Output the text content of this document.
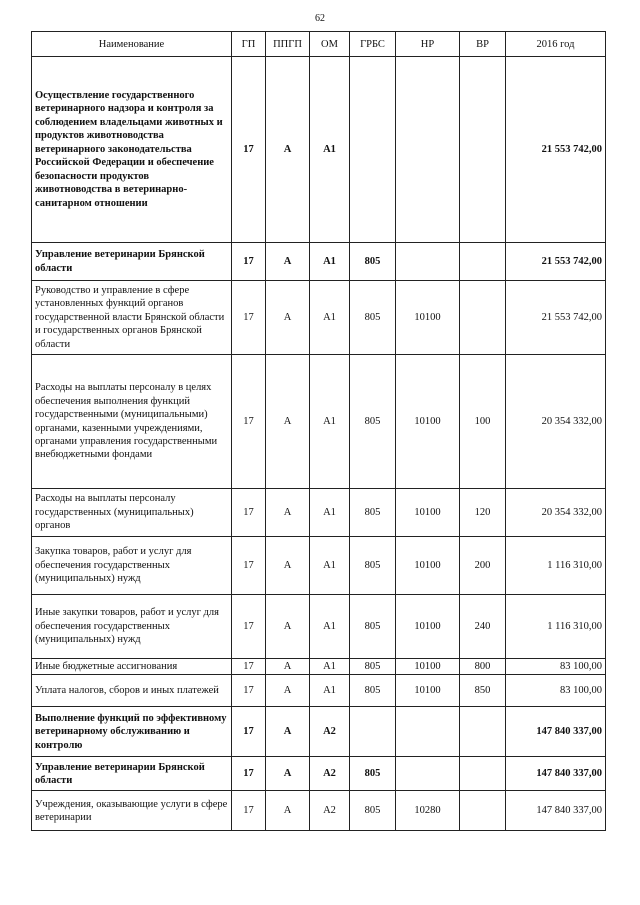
62
Наименование	ГП	ППГП	ОМ	ГРБС	НР	ВР	2016 год
Осуществление государственного ветеринарного надзора и контроля за соблюдением владельцами животных и продуктов животноводства ветеринарного законодательства Российской Федерации и обеспечение безопасности продуктов животноводства в ветеринарно-санитарном отношении	17	А	А1				21 553 742,00
Управление ветеринарии Брянской области	17	А	А1	805			21 553 742,00
Руководство и управление в сфере установленных функций органов государственной власти Брянской области и государственных органов Брянской области	17	А	А1	805	10100		21 553 742,00
Расходы на выплаты персоналу в целях обеспечения выполнения функций государственными (муниципальными) органами, казенными учреждениями, органами управления государственными внебюджетными фондами	17	А	А1	805	10100	100	20 354 332,00
Расходы на выплаты персоналу государственных (муниципальных) органов	17	А	А1	805	10100	120	20 354 332,00
Закупка товаров, работ и услуг для обеспечения государственных (муниципальных) нужд	17	А	А1	805	10100	200	1 116 310,00
Иные закупки товаров, работ и услуг для обеспечения государственных (муниципальных) нужд	17	А	А1	805	10100	240	1 116 310,00
Иные бюджетные ассигнования	17	А	А1	805	10100	800	83 100,00
Уплата налогов, сборов и иных платежей	17	А	А1	805	10100	850	83 100,00
Выполнение функций по эффективному ветеринарному обслуживанию и контролю	17	А	А2				147 840 337,00
Управление ветеринарии Брянской области	17	А	А2	805			147 840 337,00
Учреждения, оказывающие услуги в сфере ветеринарии	17	А	А2	805	10280		147 840 337,00
